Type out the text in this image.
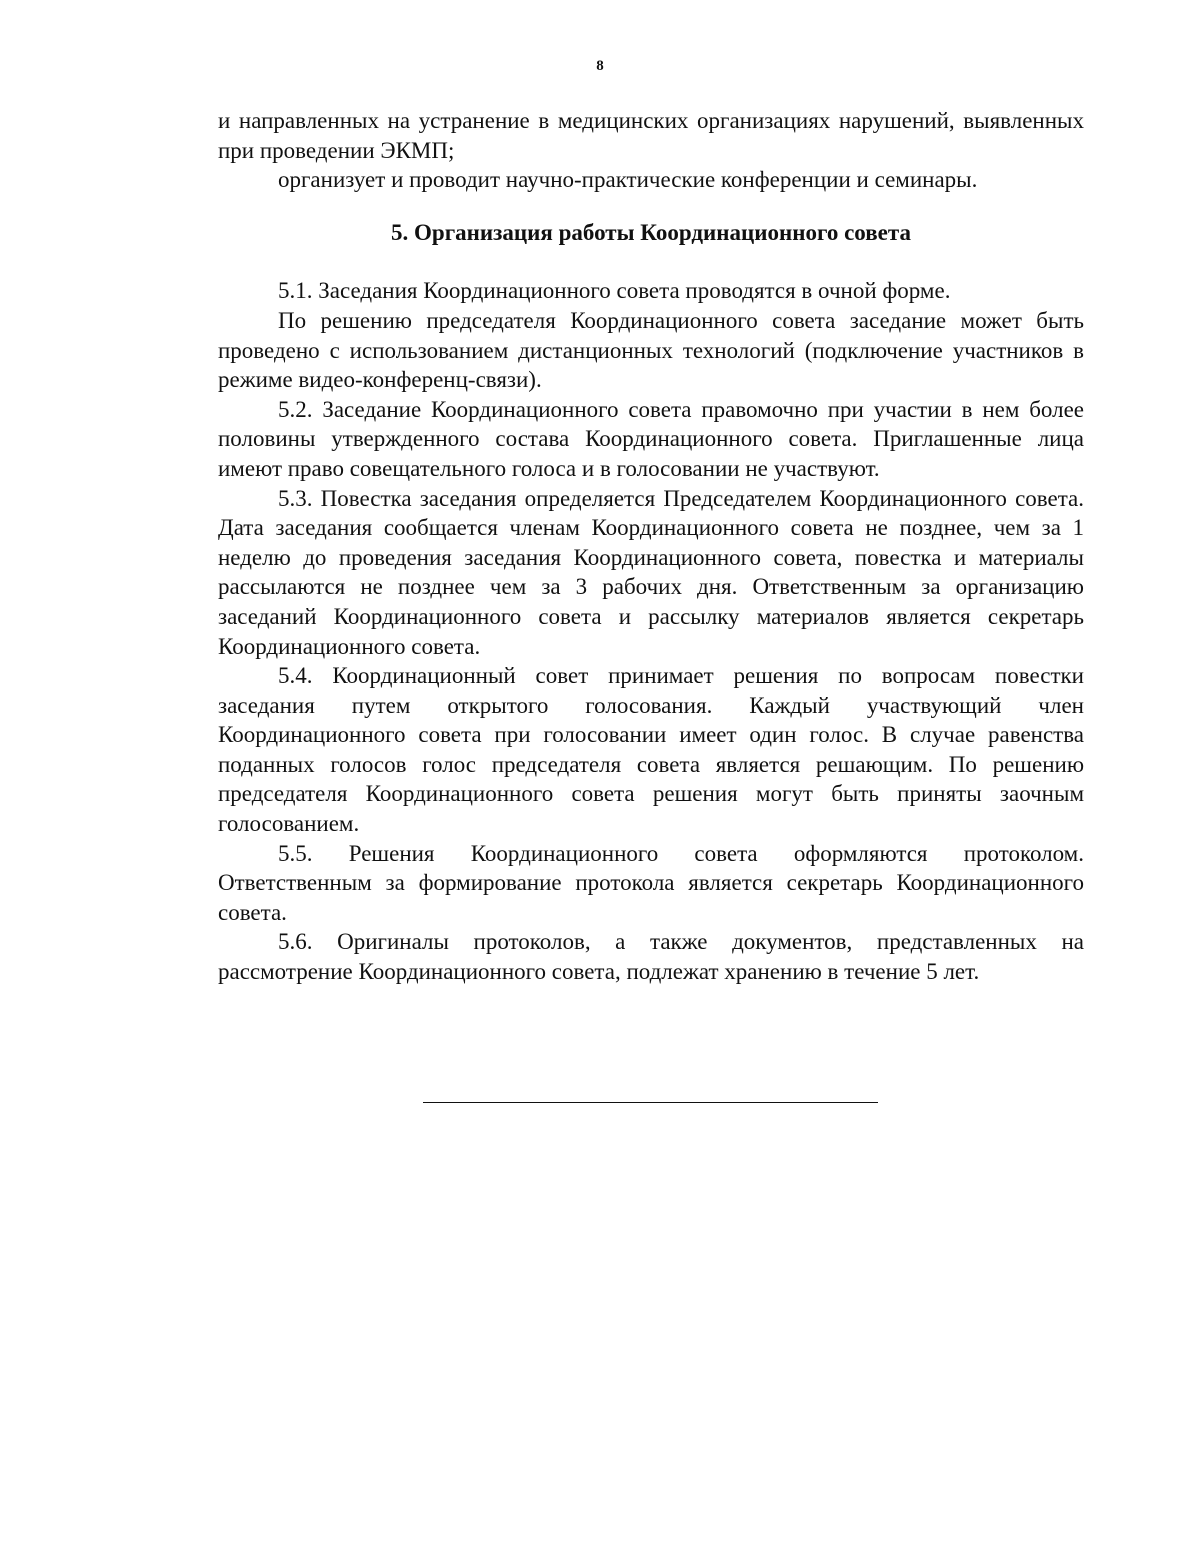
8

и направленных на устранение в медицинских организациях нарушений, выявленных при проведении ЭКМП;

организует и проводит научно-практические конференции и семинары.

5. Организация работы Координационного совета

5.1. Заседания Координационного совета проводятся в очной форме.

По решению председателя Координационного совета заседание может быть проведено с использованием дистанционных технологий (подключение участников в режиме видео-конференц-связи).

5.2. Заседание Координационного совета правомочно при участии в нем более половины утвержденного состава Координационного совета. Приглашенные лица имеют право совещательного голоса и в голосовании не участвуют.

5.3. Повестка заседания определяется Председателем Координационного совета. Дата заседания сообщается членам Координационного совета не позднее, чем за 1 неделю до проведения заседания Координационного совета, повестка и материалы рассылаются не позднее чем за 3 рабочих дня. Ответственным за организацию заседаний Координационного совета и рассылку материалов является секретарь Координационного совета.

5.4. Координационный совет принимает решения по вопросам повестки заседания путем открытого голосования. Каждый участвующий член Координационного совета при голосовании имеет один голос. В случае равенства поданных голосов голос председателя совета является решающим. По решению председателя Координационного совета решения могут быть приняты заочным голосованием.

5.5. Решения Координационного совета оформляются протоколом. Ответственным за формирование протокола является секретарь Координационного совета.

5.6. Оригиналы протоколов, а также документов, представленных на рассмотрение Координационного совета, подлежат хранению в течение 5 лет.
